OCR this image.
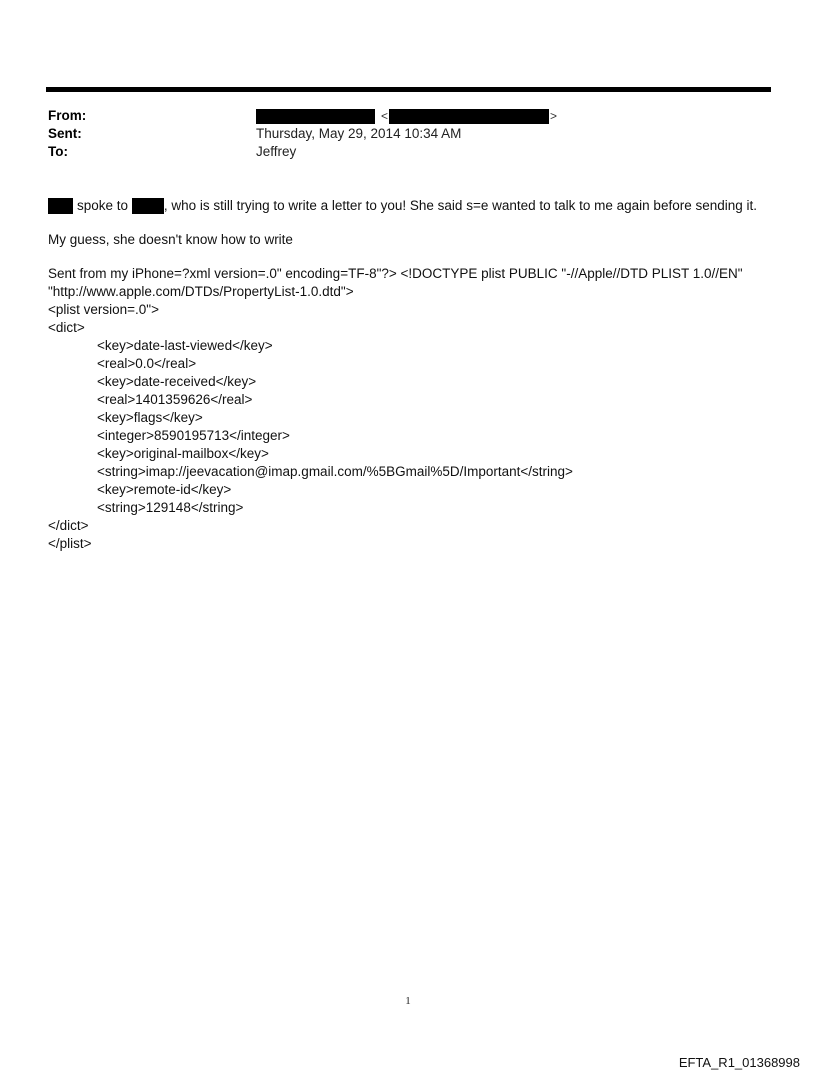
From:	<	>
Sent:	Thursday, May 29, 2014 10:34 AM
To:	Jeffrey

spoke to	, who is still trying to write a letter to you! She said s=e wanted to talk to me again before sending it.

My guess, she doesn't know how to write

Sent from my iPhone=?xml version=.0" encoding=TF-8"?> <!DOCTYPE plist PUBLIC "-//Apple//DTD PLIST 1.0//EN"

"http://www.apple.com/DTDs/PropertyList-1.0.dtd">

<plist version=.0">

<dict>

<key>date-last-viewed</key>

<real>0.0</real>

<key>date-received</key>

<real>1401359626</real>

<key>flags</key>

<integer>8590195713</integer>

<key>original-mailbox</key>

<string>imap://jeevacation@imap.gmail.com/%5BGmail%5D/Important</string>

<key>remote-id</key>

<string>129148</string>

</dict>

</plist>

1
EFTA_R1_01368998
